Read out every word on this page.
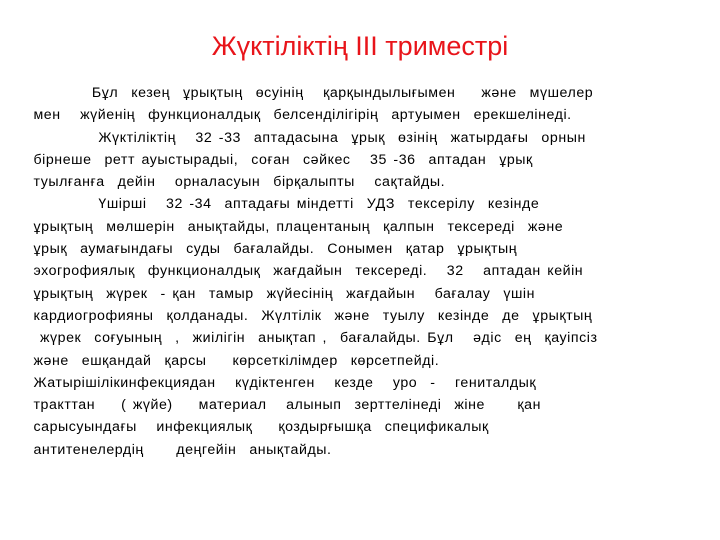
Жүктіліктің III триместрі
Бұл  кезең  ұрықтың  өсуінің   қарқындылығымен    және  мүшелер
мен   жүйенің  функционалдық  белсенділігірің  артуымен  ерекшелінеді.
Жүктіліктің   32 -33  аптадасына  ұрық  өзінің  жатырдағы  орнын
бірнеше  ретт ауыстырадыі,  соған  сәйкес   35 -36  аптадан  ұрық
туылғанға  дейін   орналасуын  бірқалыпты   сақтайды.
Үшірші   32 -34  аптадағы міндетті  УДЗ  тексерілу  кезінде
ұрықтың  мөлшерін  анықтайды, плацентаның  қалпын  тексереді  және
ұрық  аумағындағы  суды  бағалайды.  Сонымен  қатар  ұрықтың
эхогрофиялық  функционалдық  жағдайын  тексереді.   32   аптадан кейін
ұрықтың  жүрек  - қан  тамыр  жүйесінің  жағдайын   бағалау  үшін
кардиогрофияны  қолданады.  Жүлтілік  және  туылу  кезінде  де  ұрықтың
жүрек  соғуының  ,  жиілігін  анықтап ,  бағалайды. Бұл   әдіс  ең  қауіпсіз
және  ешқандай  қарсы    көрсеткілімдер  көрсетпейді.
Жатырішілікинфекциядан   күдіктенген   кезде   уро  -   гениталдық
тракттан    ( жүйе)    материал   алынып  зерттелінеді  жіне     қан
сарысуындағы   инфекциялық    қоздырғышқа  спецификалық
антитенелердің     деңгейін  анықтайды.
